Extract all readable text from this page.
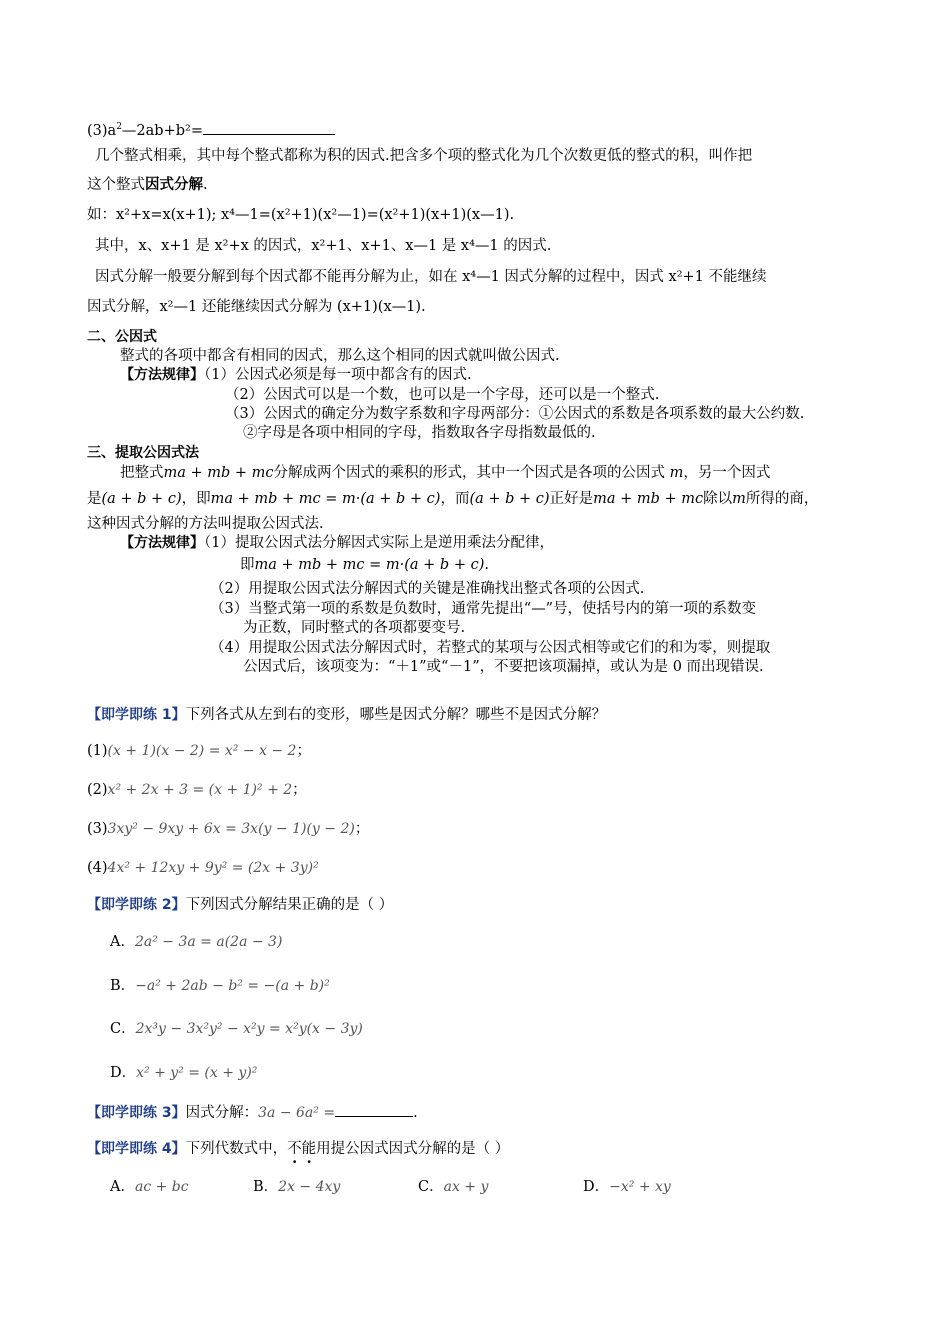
$(3)a^2—2ab+b^2=$
几个整式相乘，其中每个整式都称为积的因式.把含多个项的整式化为几个次数更低的整式的积，叫作把
这个整式因式分解.
如：x²+x=x(x+1); x⁴—1=(x²+1)(x²—1)=(x²+1)(x+1)(x—1).
其中，x、x+1 是 x²+x 的因式，x²+1、x+1、x—1 是 x⁴—1 的因式.
因式分解一般要分解到每个因式都不能再分解为止，如在 x⁴—1 因式分解的过程中，因式 x²+1 不能继续
因式分解，x²—1 还能继续因式分解为 (x+1)(x—1).
二、公因式
整式的各项中都含有相同的因式，那么这个相同的因式就叫做公因式.
【方法规律】（1）公因式必须是每一项中都含有的因式.
（2）公因式可以是一个数，也可以是一个字母，还可以是一个整式.
（3）公因式的确定分为数字系数和字母两部分：①公因式的系数是各项系数的最大公约数.
②字母是各项中相同的字母，指数取各字母指数最低的.
三、提取公因式法
把整式ma + mb + mc分解成两个因式的乘积的形式，其中一个因式是各项的公因式 m，另一个因式
是(a + b + c)，即ma + mb + mc = m·(a + b + c)，而(a + b + c)正好是ma + mb + mc除以m所得的商，
这种因式分解的方法叫提取公因式法.
【方法规律】（1）提取公因式法分解因式实际上是逆用乘法分配律，
即ma + mb + mc = m·(a + b + c).
（2）用提取公因式法分解因式的关键是准确找出整式各项的公因式.
（3）当整式第一项的系数是负数时，通常先提出“—”号，使括号内的第一项的系数变
为正数，同时整式的各项都要变号.
（4）用提取公因式法分解因式时，若整式的某项与公因式相等或它们的和为零，则提取
公因式后，该项变为：“＋1”或“－1”，不要把该项漏掉，或认为是 0 而出现错误.
【即学即练 1】下列各式从左到右的变形，哪些是因式分解？哪些不是因式分解？
(1)(x + 1)(x − 2) = x² − x − 2；
(2)x² + 2x + 3 = (x + 1)² + 2；
(3)3xy² − 9xy + 6x = 3x(y − 1)(y − 2)；
(4)4x² + 12xy + 9y² = (2x + 3y)²
【即学即练 2】下列因式分解结果正确的是（ ）
A．2a² − 3a = a(2a − 3)
B．−a² + 2ab − b² = −(a + b)²
C．2x³y − 3x²y² − x²y = x²y(x − 3y)
D．x² + y² = (x + y)²
【即学即练 3】因式分解：3a − 6a² =	.
【即学即练 4】下列代数式中，不能用提公因式因式分解的是（ ）
A．ac + bc	B．2x − 4xy	C．ax + y	D．−x² + xy
